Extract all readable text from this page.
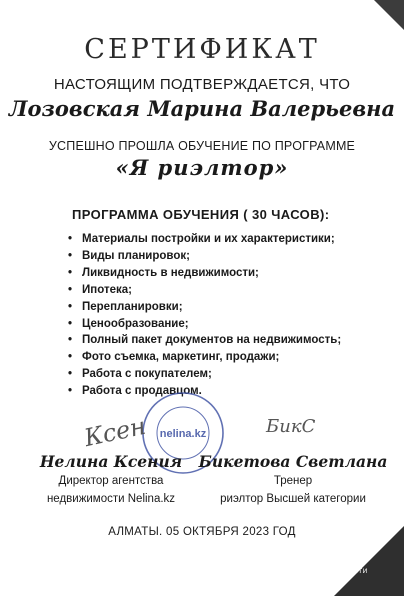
СЕРТИФИКАТ
НАСТОЯЩИМ ПОДТВЕРЖДАЕТСЯ, ЧТО
Лозовская Марина Валерьевна
УСПЕШНО ПРОШЛА ОБУЧЕНИЕ ПО ПРОГРАММЕ
«Я риэлтор»
ПРОГРАММА ОБУЧЕНИЯ ( 30 ЧАСОВ):
• Материалы постройки и их характеристики;
• Виды планировок;
• Ликвидность в недвижимости;
• Ипотека;
• Перепланировки;
• Ценообразование;
• Полный пакет документов на недвижимость;
• Фото съемка, маркетинг, продажи;
• Работа с покупателем;
• Работа с продавцом.
nelina.kz
Ксен	БикС
Нелина Ксения
Директор агентства
недвижимости Nelina.kz
Бикетова Светлана
Тренер
риэлтор Высшей категории
АЛМАТЫ. 05 ОКТЯБРЯ 2023 ГОД
nelina.kz
АГЕНТСТВО НЕДВИЖИМОСТИ
